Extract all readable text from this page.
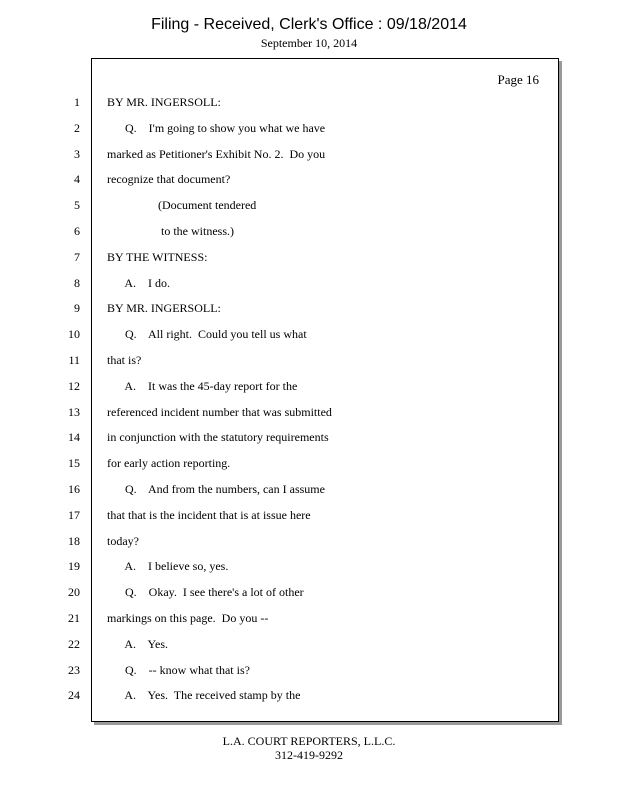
Filing - Received, Clerk's Office : 09/18/2014
September 10, 2014
Page 16
1 BY MR. INGERSOLL:
2 Q.    I'm going to show you what we have
3 marked as Petitioner's Exhibit No. 2.  Do you
4 recognize that document?
5 (Document tendered
6 to the witness.)
7 BY THE WITNESS:
8 A.    I do.
9 BY MR. INGERSOLL:
10 Q.    All right.  Could you tell us what
11 that is?
12 A.    It was the 45-day report for the
13 referenced incident number that was submitted
14 in conjunction with the statutory requirements
15 for early action reporting.
16 Q.    And from the numbers, can I assume
17 that that is the incident that is at issue here
18 today?
19 A.    I believe so, yes.
20 Q.    Okay.  I see there's a lot of other
21 markings on this page.  Do you --
22 A.    Yes.
23 Q.    -- know what that is?
24 A.    Yes.  The received stamp by the
L.A. COURT REPORTERS, L.L.C.
312-419-9292
